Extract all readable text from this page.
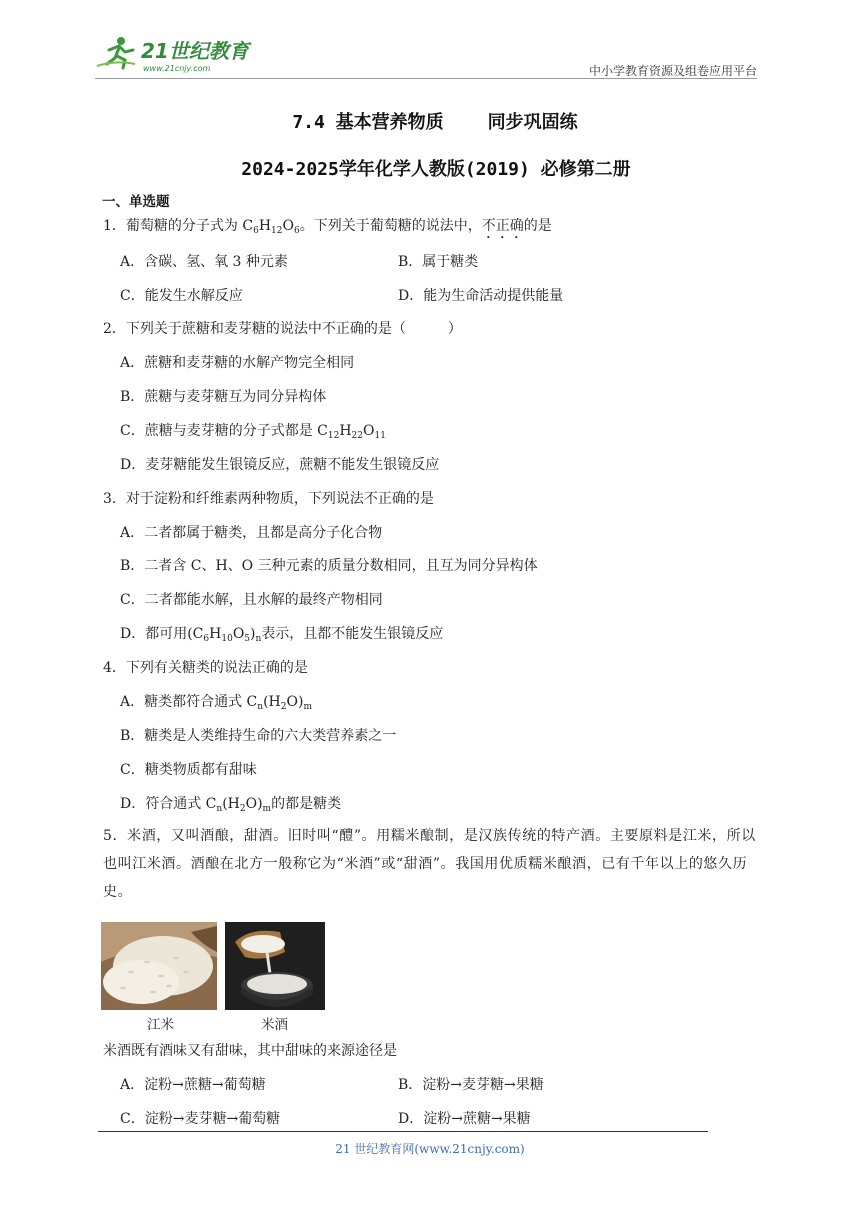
21世纪教育
www.21cnjy.com	中小学教育资源及组卷应用平台
7.4 基本营养物质 同步巩固练
2024-2025学年化学人教版(2019) 必修第二册
一、单选题
1．葡萄糖的分子式为 $C_6H_{12}O_6$。下列关于葡萄糖的说法中，不正确的是
A．含碳、氢、氧 3 种元素	B．属于糖类
C．能发生水解反应	D．能为生命活动提供能量
2．下列关于蔗糖和麦芽糖的说法中不正确的是（　　　）
A．蔗糖和麦芽糖的水解产物完全相同
B．蔗糖与麦芽糖互为同分异构体
C．蔗糖与麦芽糖的分子式都是 $C_{12}H_{22}O_{11}$
D．麦芽糖能发生银镜反应，蔗糖不能发生银镜反应
3．对于淀粉和纤维素两种物质，下列说法不正确的是
A．二者都属于糖类，且都是高分子化合物
B．二者含 C、H、O 三种元素的质量分数相同，且互为同分异构体
C．二者都能水解，且水解的最终产物相同
D．都可用$(C_6H_{10}O_5)_n$表示，且都不能发生银镜反应
4．下列有关糖类的说法正确的是
A．糖类都符合通式 $C_n(H_2O)_m$
B．糖类是人类维持生命的六大类营养素之一
C．糖类物质都有甜味
D．符合通式 $C_n(H_2O)_m$的都是糖类
5．米酒，又叫酒酿，甜酒。旧时叫“醴”。用糯米酿制，是汉族传统的特产酒。主要原料是江米，所以也叫江米酒。酒酿在北方一般称它为“米酒”或“甜酒”。我国用优质糯米酿酒，已有千年以上的悠久历史。
江米	米酒
米酒既有酒味又有甜味，其中甜味的来源途径是
A．淀粉→蔗糖→葡萄糖	B．淀粉→麦芽糖→果糖
C．淀粉→麦芽糖→葡萄糖	D．淀粉→蔗糖→果糖
21 世纪教育网(www.21cnjy.com)
